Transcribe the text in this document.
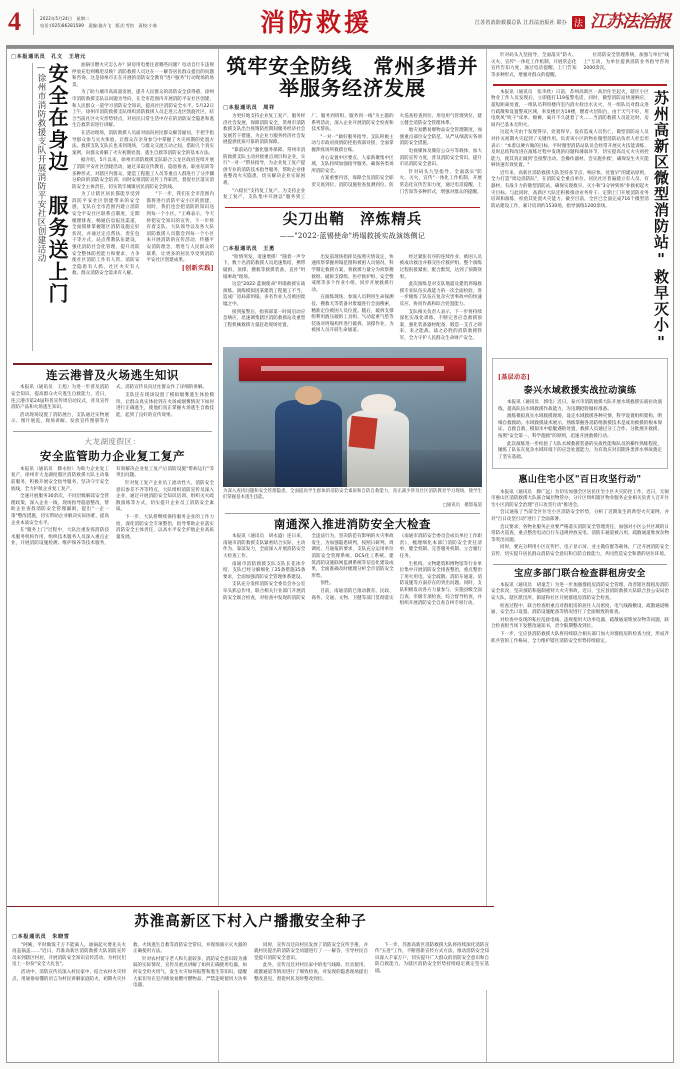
4	2022年5月24日　星期二
电话:(025)86281589　责编:施方飞　版式:雪怡　责校:小春	消防救援	江苏省消防救援总队 江苏法治报社 联办 法 江苏法治报
□本报通讯员　孔文　王培元
安全在身边　服务送上门
—徐州市消防救援支队开展消防平安社区创建活动	油锅引燃火灾怎么办？厨房用电要注意哪些问题？电动自行车违规停放充电则哪里反映？消防救援人员这在一一解答居民群众提出的问题和咨询。这是徐州市正在开展的消防安全教育"进户服务"行动现场的场景。

为了助力城市高质量发展，提升人民群众的消防安全获得感，徐州市消防救援支队以问题为导向，在全市范围内开展消防平安社区创建，和人民群众一道学习消防安全知识，提高社区消防安全水平。5月22日上午，徐州市消防救援支队组织消防救援人员走进云龙区凯旋社区，结合当前社区火灾形势特点，对居民日常生活中存在的消防安全隐患和逃生自救常识进行讲解。

在活动现场，消防救援人员面对面向居民群众解答疑问，手把手指导群众参与灭火体验，让群众在亲身参与中掌握了火灾初期的处置方法。救援支队支队长也来到现场，与群众交流互动之间，借助几个真实案例，向群众讲解了火灾初期处置、逃生自救等消防安全的基本方法。

据介绍，5月以来，徐州市消防救援支队联合云龙区政府连续开展了消防平安社区创建活动，通过采取宣传教育、隐患排查、职业培训等多种形式，对辖区内群众、建造工程施工人员等重点人群进行了分步骤分阶段的消防安全培训，同时安排消防宣传工作职责，督促社区落实消防安全主体责任，切实筑牢城镇居民消防安全防线。

为了让辖区居民都能享受到消防平安社区创建带来的安全感，支队在全市范围内建立消防安全平安社区联系点制度，定期梳理排查，畅通信息报送渠道，全面摸排掌握辖区消防设施完好状况，并通过定点帮扶、责任包干等方式，站点帮教队伍建设，强化消防社会化管理，提升消防安全整体防控能力和要求，力争使社区消防工作有人管、消防安全隐患有人抓、社区火灾有人救、群众消防安全需求有人解。

"下一步，我们在全市范围内都将进行消防平安小区的创建，同时，我们也会把消防的知识送到每一个小区。"王峰表示，今天将把安全知识的宣传，下一步将有着支队、大队领导以及各大队消防救援人员都会到每一个小区来开展消防的宣传活动，传播平安消防理念，增进与人民群众的联系，让更多的居民享受到消防平安社区创建成果。

[创新实践]

连云港普及火场逃生知识

本报讯（通讯员　王旭）为进一步普及消防安全知识，提高群众火灾逃生自救能力，近日，连云港市第24届科普宣传周启动仪式，普及宣传消防产品和火场逃生知识。

活动现场设置了消防展台，支队通过实物展示、图片展览、现场讲解、发放宣传图册等方式，消防宣传员向过往群众作了详细的讲解。

支队还在现场设置了模拟烟雾逃生体验模块，让群众真实体验到在火场或烟雾情况下如何进行正确逃生，使他们真正掌握火场逃生自救技能，起到了良好的宣传效果。

大龙湖度假区：
安全监管助力企业复工复产

本报讯（通讯员　滕永恒）为助力企业复工复产，徐州市大龙湖度假区消防救援大队主动靠前服务，积极开展安全指导服务，坚决守牢安全底线，全力护航企业复工复产。

全速开展服务30余次，不同层级解读安全管理政策，深入企业一线，现场指导隐患整改，帮助企业查找消防安全管理漏洞，提出"一企一策"整改措施，切实帮助企业解决实际困难，提高企业本质安全水平。

在"服务上门"过程中，大队注重发挥消防技术服务机构作用，组织技术服务人员深入重点企业，开展消防设施检测、维护保养等技术服务，有效解决企业复工复产后消防设施"带病运行"等突出问题。

针对复工复产企业员工流动性大、消防安全意识参差不齐等特点，大队组织消防宣传员深入企业，通过开展消防安全知识培训、组织灭火疏散演练等方式，切实提升企业员工消防安全素质。

下一步，大队将继续保持服务企业的工作力度，深化消防安全专项整治，指导帮助企业落实消防安全主体责任，以高水平安全护航企业高质量发展。

筑牢安全防线　常州多措并举服务经济发展
□本报通讯员　周祥

为更好地支持企业复工复产、服务经济社会发展，保障消防安全，常州市消防救援支队出台疫情防控期间服务经济社会发展若干措施，为企业力服务经济社会发展提供优质可靠的消防保障。

"靠前站位"强化服务保障。常州市消防救援支队主动对接重点项目和企业，实行"一对一"帮扶指导，为企业复工复产提供专业的消防技术指导服务，帮助企业排查整改火灾隐患，切实解决企业实际困难。

"六稳位"支持复工复产。为支持企业复工复产，支队集中开展以"服务到工厂、服务到班组、服务到一线"为主题的系列活动，深入企业开展消防安全检查和技术帮扶。

"一对一"做好服务指导。支队积极主动与市政府疫情防控指挥部对接，全面掌握涉疫场所救援台账。

对心安置中区要点、人家新聚集中区域，支队持续加强指导服务，确保各类场所消防安全。

方案重要内容，保障全员消防安全职责交底到位、消防设施检查复测到位、防火巡查检查到位、用电用气管理到位，建立健全消防安全管理体系。

地灾易燃易爆物品安全管理制度，加强重点部位安全防范，从严从细落实各项消防安全措施。

电视媒体及微信公众号等载体，加大消防宣传力度，普及消防安全常识，提升市民消防安全意识。

针对码头九坚指导，全面落实"防火、灭火、宣传"一体化工作机制，开展常态化宣传告知力度，通过电话提醒、上门告知等多种形式，增强对群众的提醒。

尖刀出鞘　淬炼精兵
——"2022·蓝锡使命"坍塌救援实战演练侧记
□本报通讯员　王勇

"险情突发，请速增援！"随着一声令下，数十名消防救援人员迅速集结，携带破拆、顶撑、搜救等救援装备，直扑"坍塌事故"现场。

这是"2022·蓝锡使命"坍塌救援实战演练。演练模拟因某建筑工程施工不当，造成厂房局部坍塌，多名作业人员被困废墟之中。

接到报警后，指挥部第一时间启动应急响应，迅速调集辖区消防救援站及重型工程机械救援力量赶赴现场处置。

出发前现场指挥员按照灾情设定，快速侦察掌握坍塌范围和被困人员情况，科学制定救援方案，将救援力量分为侦察搜救组、破拆支撑组、医疗救护组、安全警戒组等多个作业小组，同步开展救援行动。

在演练现场，参演人员利用生命探测仪、搜救犬等装备对废墟进行全面搜索，精准定位被困人员位置。随后，破拆支撑组利用液压破拆工具组、气动起重气垫等装备对坍塌构件进行破拆、顶撑作业，为被困人员开辟生命通道。

经过紧张有序的连续作业，被困人员被成功救出并移交医疗救护组。整个演练过程衔接紧密、配合默契，达到了预期效果。

此次演练是对支队地震及建筑坍塌救援专业队伍实战能力的一次全面检验，进一步锤炼了队伍在复杂灾害事故中的快速反应、协同作战和综合处置能力。

支队相关负责人表示，下一步将持续深化实战化训练，不断完善应急救援预案，强化装备器材配备，锻造一支召之即来、来之能战、战之必胜的消防救援铁军，全力守护人民群众生命财产安全。

为深入查找问题和安全管理隐患，全面提高学生群体的消防安全素质和自防自救能力，真正减少涉及社区消防教育学习现场，使学生们掌握基本逃生技能。
□通讯员　摄影报道
南通深入推进消防安全大检查

本报讯（通讯员　胡永盛）连日来，南通市消防救援支队紧密结合实际，主动作为、靠前发力，全面深入开展消防安全大检查工作。

南通市消防救援支队支队长花冰介绍，支队已经分解细化了25条措施35条要求，全面加强消防安全管理体系建设。

支队充分发挥消防安全委员会办公室牵头抓总作用，联合相关行业部门开展消防安全联合检查，对检查中发现的消防安全违法行为，坚决防范有影响的火灾事故发生，为加强隐患研判，按照日研判、周调度、月通报的要求，支队充分运用单位消防安全管理系统、DCS化工系统、建筑消防设施联网监测系统等信息化建设成果，全面准确及时梳理分析全市消防安全形势。

预性。

目前，南通消防已推动教育、民政、商务、交通、文物、卫健等部门贯彻落实《南通市消防安全委员会成员单位工作职责》，梳理细化本部门消防安全责任清单，健全机制、完善服务机制、立合履行任务。

生机构、文物建筑和博物馆等行业单位集中开展消防安全排查整治，重点整治了用火用电、安全疏散、消防车通道、消防设施等方面存在的突出问题。同时，支队积极发动各方力量参与，实施县级全面自查、市级专项检查、综合督导检查，并组织开展消防安全自查自纠专项行动。

针对码头九坚指导，全面落实"防火、灭火、宣传"一体化工作机制，开展常态化宣传告知力度，通过电话提醒、上门告知等多种形式，增强对群众的提醒。

位消防安全管理系统，加强与单位"线上"互动，为单位提供消防业务指导咨询2000余次。

本报讯（通讯员　张李欣）日前，苏州高新区一高层住宅起火，辖区小区物业工作人员发现后，立即拨打119报警电话，同时，微型消防站快速响应，超短距离处置，一组队员利用楼内室内消火栓出水灭火，另一组队员对群众进行疏散和设置警戒区域，率发楼层为19楼，燃着火层阳台，由于天气不好，用电吹风"吹干"床单、棉裤，离开不久就着了火……当消防救援人员赶达时，房间内已基本无明火。

这起火灾由于发现得早、处置得早，没有造成人员伤亡，微型消防站人员对扑灭初期火灾起到了关键作用。负责该小区的物业微型消防站负责人杜忠坦表示："本着以硬方做的目标，平时微型消防站队员会经常开展灭火技能训练，及时总结和改进在演练过程中发现的问题和薄弱环节，切实提高员灭火灾初控能力，使其真正做到'会接警出动、会操作器材、会实施扑救'，确保发生火灾能够快速有效处置。"

近年来，高新区消防救援大队坚持多节点、响应快、处置早"的建站原则，全力打造"周边消防队"，在消防安全重点单位、居民社区普遍建立有人员、有器材、有战斗力的微型消防站，确保实现救早、灭小和"3分钟到场"扑救初起火灾目标。与此同时，高新区大队还积极推动业务骨干、定期上门开展消防业务培训和演练，检验其处置火灾能力。截至目前，全区已全面完成716个微型消防站建设工作，累计培训约1530场，指导演练1200余场。	苏州高新区微型消防站"救早灭小"
[基层动态]
泰兴水域救援实战拉动演练

本报讯（通讯员　郭电）近日，泰兴市消防救援大队开展水域救援实战拉动演练，提高队伍水域救援作战能力，为汛期抢险做好准备。

演练模拟真实水域救援现场，设定水域救援各种灾情，科学设置组织架构、明细自救救助。水域救援战术展示，熟练掌握各消防组救援技术是成功救援的根本保证、自救自救，模拟水中船艇遇险处置，救援人员通过分工合作、分批展开救援，按照"安全第一、科学施救"的原则，迅速开展救援行动。

此次演练进一步检验了大队水域救援装备的实战性能和队员的操作熟练程度，锤炼了队伍在复杂水域环境下的应急处置能力，为有效应对汛期各类涉水事故奠定了坚实基础。

惠山住宅小区"百日攻坚行动"

本报讯（通讯员　滕广远）为切实加强全区居民住宅小区火灾防控工作，近日，无锡市惠山区消防救援大队联合属层物管办，分片区组织辖区物业服务企业相关负责人召开住宅小区消防安全治理"百日攻坚行动"推进会。

会议通报了当前全区住宅小区消防安全形势，分析了近期发生的典型火灾案例，并对"百日攻坚行动"进行了全面部署。

会议要求，各物业服务企业要严格落实消防安全管理责任，加强对小区公共区域的日常防火巡查，重点整治电动自行车违规停放充电、消防车通道被占用、疏散通道堆放杂物等突出问题。

同时，要充分利用小区宣传栏、电子显示屏、业主微信群等载体，广泛开展消防安全宣传，切实提升居民群众消防安全意识和自防自救能力，共同营造安全和谐的居住环境。

宝应多部门联合检查群租房安全

本报讯（通讯员　胡童芝）为进一步加强群租房消防安全管理，改善辖区群租房消防安全状况，坚决预防和遏制重特大火灾事故，近日，宝应县消防救援大队联合县公安局治安大队、辖区派出所、街道和社区开展群租房消防安全检查。

检查过程中，联合检查组重点对群租房的居住人员密度、电气线路敷设、疏散通道畅通、安全出口设置、消防设施配备等情况进行了全面细致的排查。

对检查中发现的私拉乱接电线、违规使用大功率电器、疏散通道堆放杂物等问题，联合检查组当场下发整改通知书，责令限期整改到位。

下一步，宝应县消防救援大队将持续联合相关部门加大对群租房的检查力度，形成齐抓共管的工作格局，全力维护辖区消防安全形势持续稳定。

苏淮高新区下村入户播撒安全种子
□本报通讯员　朱晓雪

"阿姨，平时做饭千万不能离人，油锅起火要先关火再盖锅盖……"近日，苏淮高新区消防救援大队消防宣传员来到辖区村居，开展消防安全知识宣传活动，为村民们送上一份份"安全大礼包"。

活动中，消防宣传员深入村民家中，结合农村火灾特点，用通俗易懂的语言为村民讲解家庭防火、初期火灾扑救、火场逃生自救等消防安全常识，并现场演示灭火器的正确使用方法。

针对农村留守老人和儿童较多、消防安全意识较为薄弱的实际情况，宣传员重点讲解了如何正确使用电器、如何安全用火用气、发生火灾如何报警和逃生等知识，提醒大家切勿在室内堆放易燃可燃物品，严禁违规使用大功率电器。

同时，宣传员还向村民发放了消防安全宣传手册，并就村民提出的消防安全问题进行了一一解答，引导村民自觉提升消防安全意识。

此外，宣传员还对村民家中的电气线路、灶具使用、疏散通道等情况进行了细致检查，对发现的隐患现场提出整改意见，督促村民及时整改到位。

下一步，苏淮高新区消防救援大队将持续深化消防宣传"五进"工作，不断创新宣传方式方法，推动消防安全知识深入千家万户，切实提升广大群众的消防安全意识和自防自救能力，为辖区消防安全形势持续稳定奠定坚实基础。
